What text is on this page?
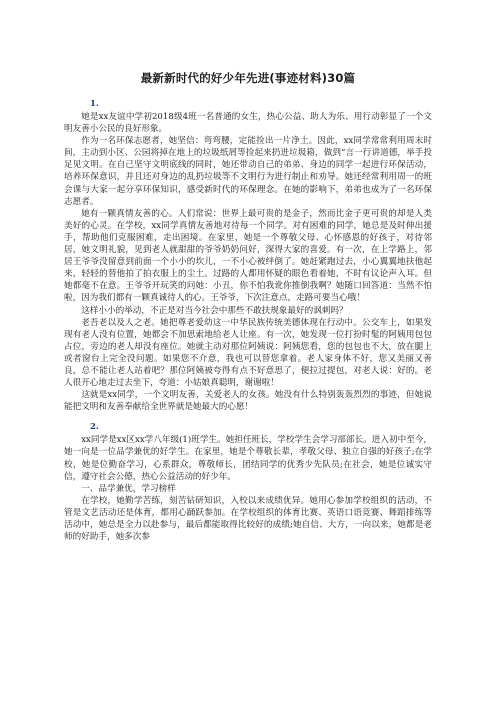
最新新时代的好少年先进(事迹材料)30篇
1.

她是xx友谊中学初2018级4班一名普通的女生，热心公益、助人为乐、用行动彰显了一个文明友善小公民的良好形象。

作为一名环保志愿者，她坚信：弯弯腰，定能捡出一片净土。因此，xx同学常常利用周末时间，主动到小区、公园将掉在地上的垃圾纸屑等捡起来扔进垃圾箱，做到“言一行讲道德，举手投足见文明。在自己坚守文明底线的同时，她还带动自己的弟弟、身边的同学一起进行环保活动，培养环保意识，并且还对身边的乱扔垃圾等不文明行为进行制止和劝导。她还经常利用周一的班会课与大家一起分享环保知识，感受新时代的环保理念。在她的影响下，弟弟也成为了一名环保志愿者。

她有一颗真情友善的心。人们常说：世界上最可贵的是金子，然而比金子更可贵的却是人类美好的心灵。在学校，xx同学真情友善地对待每一个同学。对有困难的同学，她总是及时伸出援手，帮助他们克服困难，走出困境。在家里，她是一个尊敬父母、心怀感恩的好孩子，对待邻居，她文明礼貌，见到老人就甜甜的爷爷奶奶问好，深得大家的喜爱。有一次，在上学路上，邻居王爷爷没留意到前面一个小小的坎儿，一不小心被绊倒了。她赶紧跑过去，小心翼翼地扶他起来，轻轻的替他拍了拍衣服上的尘土。过路的人都用怀疑的眼色看着她，不时有议论声入耳。但她都毫不在意。王爷爷开玩笑的问她：小丑，你不怕我讹你推倒我啊？她随口回答道：当然不怕啦，因为我们都有一颗真诚待人的心。王爷爷，下次注意点，走路可要当心哦！

这样小小的举动，不正是对当今社会中那些不敢扶规象最好的讽刺吗？

老吾老以及人之老。她把尊老爱幼这一中华民族传统美德体现在行动中。公交车上，如果发现有老人没有位置，她都会不加思索地给老人让座。有一次，她发现一位打扮时髦的阿姨用包包占位，旁边的老人却没有座位。她就主动对那位阿姨说：阿姨您看，您的包包也不大，放在腿上或者窗台上完全没问题。如果您不介意，我也可以替您拿着。老人家身体不好，您又美丽又善良，总不能让老人站着吧？那位阿姨被夸得有点不好意思了，便拉过提包，对老人说：好的。老人很开心地走过去坐下，夸道：小姑娘真聪明，谢谢啦！

这就是xx同学，一个文明友善，关爱老人的女孩。她没有什么特别轰轰烈烈的事迹，但她说能把文明和友善奉献给全世界就是她最大的心愿！

2.

xx同学是xx区xx学八年级(1)班学生。她担任班长，学校学生会学习部部长。进入初中至今，她一向是一位品学兼优的好学生。在家里，她是个尊敬长辈，孝敬父母、独立自强的好孩子;在学校，她是位勤奋学习，心系群众，尊敬师长，团结同学的优秀少先队员;在社会，她是位诚实守信，遵守社会公德，热心公益活动的好少年。

一、品学兼优，学习榜样

在学校，她勤学苦练，刻苦钻研知识，入校以来成绩优异。她用心参加学校组织的活动，不管是文艺活动还是体育，都用心踊跃参加。在学校组织的体育比赛、英语口语竞赛、舞蹈排练等活动中，她总是全力以赴参与，最后都能取得比较好的成绩;她自信、大方，一向以来，她都是老师的好助手，她多次参
